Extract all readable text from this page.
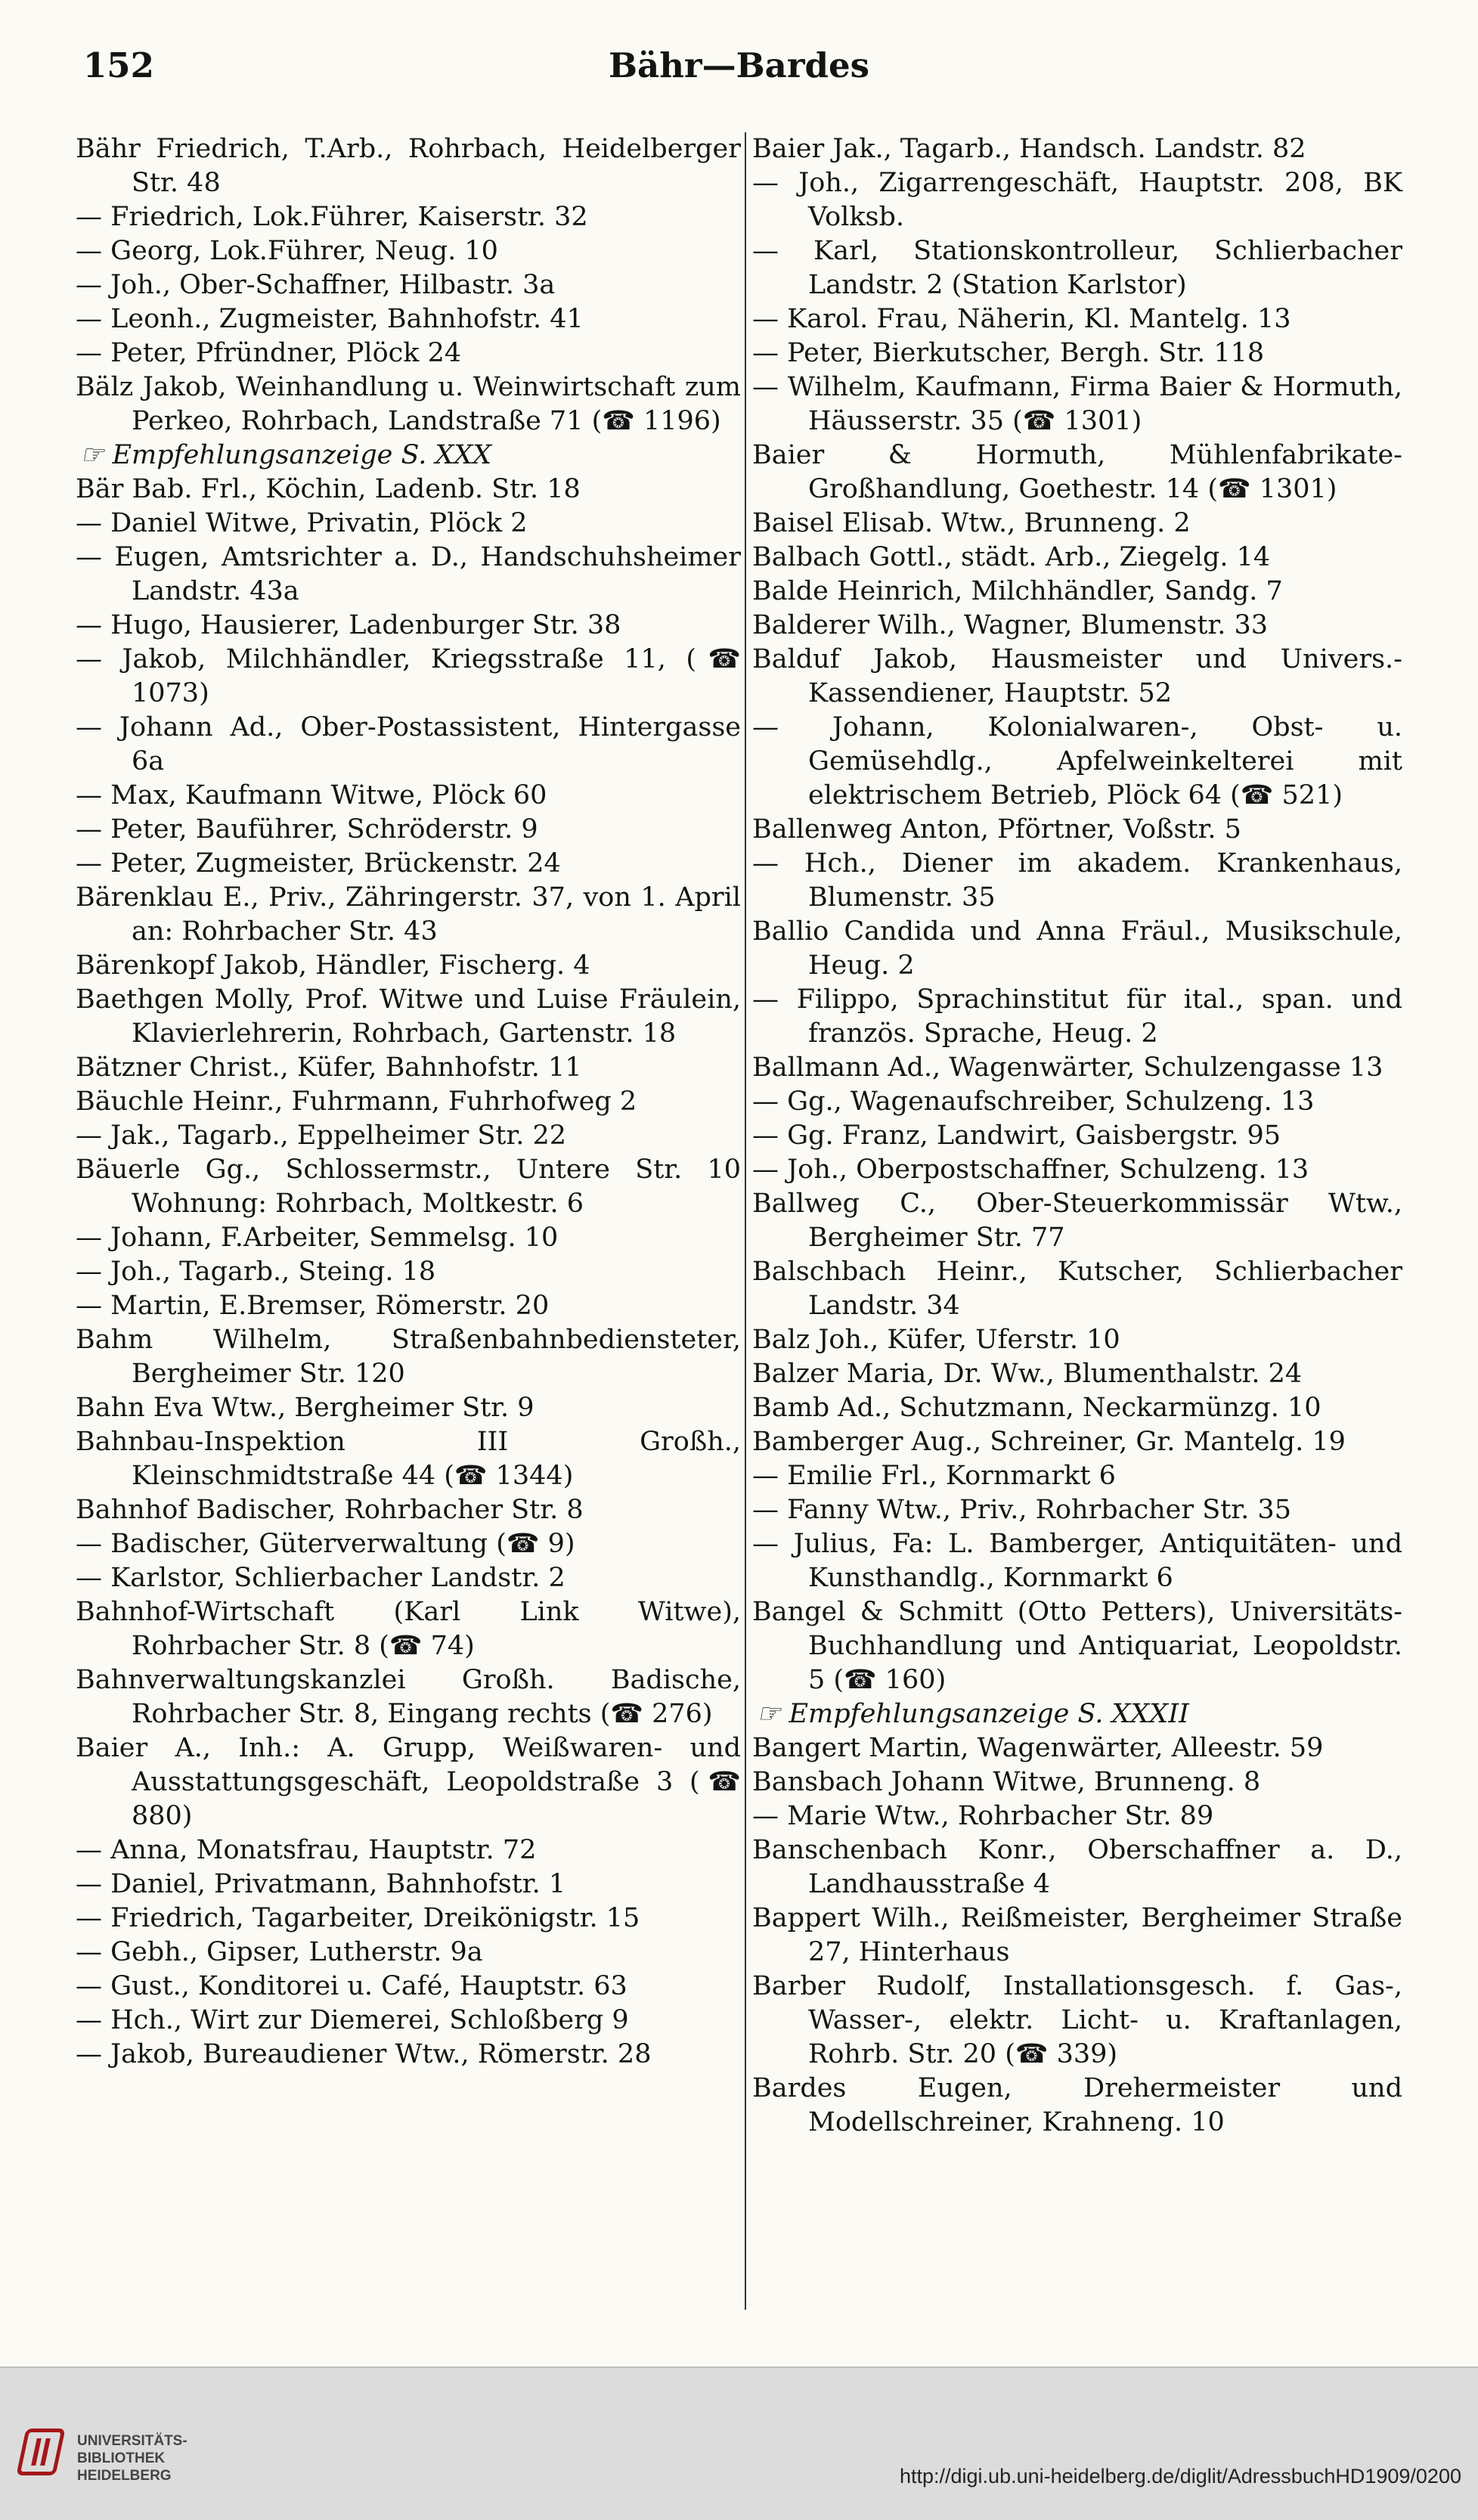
152	Bähr—Bardes

Bähr Friedrich, T.Arb., Rohrbach, Heidelberger Str. 48

— Friedrich, Lok.Führer, Kaiserstr. 32

— Georg, Lok.Führer, Neug. 10

— Joh., Ober-Schaffner, Hilbastr. 3a

— Leonh., Zugmeister, Bahnhofstr. 41

— Peter, Pfründner, Plöck 24

Bälz Jakob, Weinhandlung u. Weinwirtschaft zum Perkeo, Rohrbach, Landstraße 71 (☎ 1196)

☞ Empfehlungsanzeige S. XXX

Bär Bab. Frl., Köchin, Ladenb. Str. 18

— Daniel Witwe, Privatin, Plöck 2

— Eugen, Amtsrichter a. D., Handschuhsheimer Landstr. 43a

— Hugo, Hausierer, Ladenburger Str. 38

— Jakob, Milchhändler, Kriegsstraße 11, (☎ 1073)

— Johann Ad., Ober-Postassistent, Hintergasse 6a

— Max, Kaufmann Witwe, Plöck 60

— Peter, Bauführer, Schröderstr. 9

— Peter, Zugmeister, Brückenstr. 24

Bärenklau E., Priv., Zähringerstr. 37, von 1. April an: Rohrbacher Str. 43

Bärenkopf Jakob, Händler, Fischerg. 4

Baethgen Molly, Prof. Witwe und Luise Fräulein, Klavierlehrerin, Rohrbach, Gartenstr. 18

Bätzner Christ., Küfer, Bahnhofstr. 11

Bäuchle Heinr., Fuhrmann, Fuhrhofweg 2

— Jak., Tagarb., Eppelheimer Str. 22

Bäuerle Gg., Schlossermstr., Untere Str. 10 Wohnung: Rohrbach, Moltkestr. 6

— Johann, F.Arbeiter, Semmelsg. 10

— Joh., Tagarb., Steing. 18

— Martin, E.Bremser, Römerstr. 20

Bahm Wilhelm, Straßenbahnbediensteter, Bergheimer Str. 120

Bahn Eva Wtw., Bergheimer Str. 9

Bahnbau-Inspektion III Großh., Kleinschmidtstraße 44 (☎ 1344)

Bahnhof Badischer, Rohrbacher Str. 8

— Badischer, Güterverwaltung (☎ 9)

— Karlstor, Schlierbacher Landstr. 2

Bahnhof-Wirtschaft (Karl Link Witwe), Rohrbacher Str. 8 (☎ 74)

Bahnverwaltungskanzlei Großh. Badische, Rohrbacher Str. 8, Eingang rechts (☎ 276)

Baier A., Inh.: A. Grupp, Weißwaren- und Ausstattungsgeschäft, Leopoldstraße 3 (☎ 880)

— Anna, Monatsfrau, Hauptstr. 72

— Daniel, Privatmann, Bahnhofstr. 1

— Friedrich, Tagarbeiter, Dreikönigstr. 15

— Gebh., Gipser, Lutherstr. 9a

— Gust., Konditorei u. Café, Hauptstr. 63

— Hch., Wirt zur Diemerei, Schloßberg 9

— Jakob, Bureaudiener Wtw., Römerstr. 28

Baier Jak., Tagarb., Handsch. Landstr. 82

— Joh., Zigarrengeschäft, Hauptstr. 208, BK Volksb.

— Karl, Stationskontrolleur, Schlierbacher Landstr. 2 (Station Karlstor)

— Karol. Frau, Näherin, Kl. Mantelg. 13

— Peter, Bierkutscher, Bergh. Str. 118

— Wilhelm, Kaufmann, Firma Baier & Hormuth, Häusserstr. 35 (☎ 1301)

Baier & Hormuth, Mühlenfabrikate-Großhandlung, Goethestr. 14 (☎ 1301)

Baisel Elisab. Wtw., Brunneng. 2

Balbach Gottl., städt. Arb., Ziegelg. 14

Balde Heinrich, Milchhändler, Sandg. 7

Balderer Wilh., Wagner, Blumenstr. 33

Balduf Jakob, Hausmeister und Univers.-Kassendiener, Hauptstr. 52

— Johann, Kolonialwaren-, Obst- u. Gemüsehdlg., Apfelweinkelterei mit elektrischem Betrieb, Plöck 64 (☎ 521)

Ballenweg Anton, Pförtner, Voßstr. 5

— Hch., Diener im akadem. Krankenhaus, Blumenstr. 35

Ballio Candida und Anna Fräul., Musikschule, Heug. 2

— Filippo, Sprachinstitut für ital., span. und französ. Sprache, Heug. 2

Ballmann Ad., Wagenwärter, Schulzengasse 13

— Gg., Wagenaufschreiber, Schulzeng. 13

— Gg. Franz, Landwirt, Gaisbergstr. 95

— Joh., Oberpostschaffner, Schulzeng. 13

Ballweg C., Ober-Steuerkommissär Wtw., Bergheimer Str. 77

Balschbach Heinr., Kutscher, Schlierbacher Landstr. 34

Balz Joh., Küfer, Uferstr. 10

Balzer Maria, Dr. Ww., Blumenthalstr. 24

Bamb Ad., Schutzmann, Neckarmünzg. 10

Bamberger Aug., Schreiner, Gr. Mantelg. 19

— Emilie Frl., Kornmarkt 6

— Fanny Wtw., Priv., Rohrbacher Str. 35

— Julius, Fa: L. Bamberger, Antiquitäten- und Kunsthandlg., Kornmarkt 6

Bangel & Schmitt (Otto Petters), Universitäts-Buchhandlung und Antiquariat, Leopoldstr. 5 (☎ 160)

☞ Empfehlungsanzeige S. XXXII

Bangert Martin, Wagenwärter, Alleestr. 59

Bansbach Johann Witwe, Brunneng. 8

— Marie Wtw., Rohrbacher Str. 89

Banschenbach Konr., Oberschaffner a. D., Landhausstraße 4

Bappert Wilh., Reißmeister, Bergheimer Straße 27, Hinterhaus

Barber Rudolf, Installationsgesch. f. Gas-, Wasser-, elektr. Licht- u. Kraftanlagen, Rohrb. Str. 20 (☎ 339)

Bardes Eugen, Drehermeister und Modellschreiner, Krahneng. 10

UNIVERSITÄTS-
BIBLIOTHEK
HEIDELBERG	http://digi.ub.uni-heidelberg.de/diglit/AdressbuchHD1909/0200
